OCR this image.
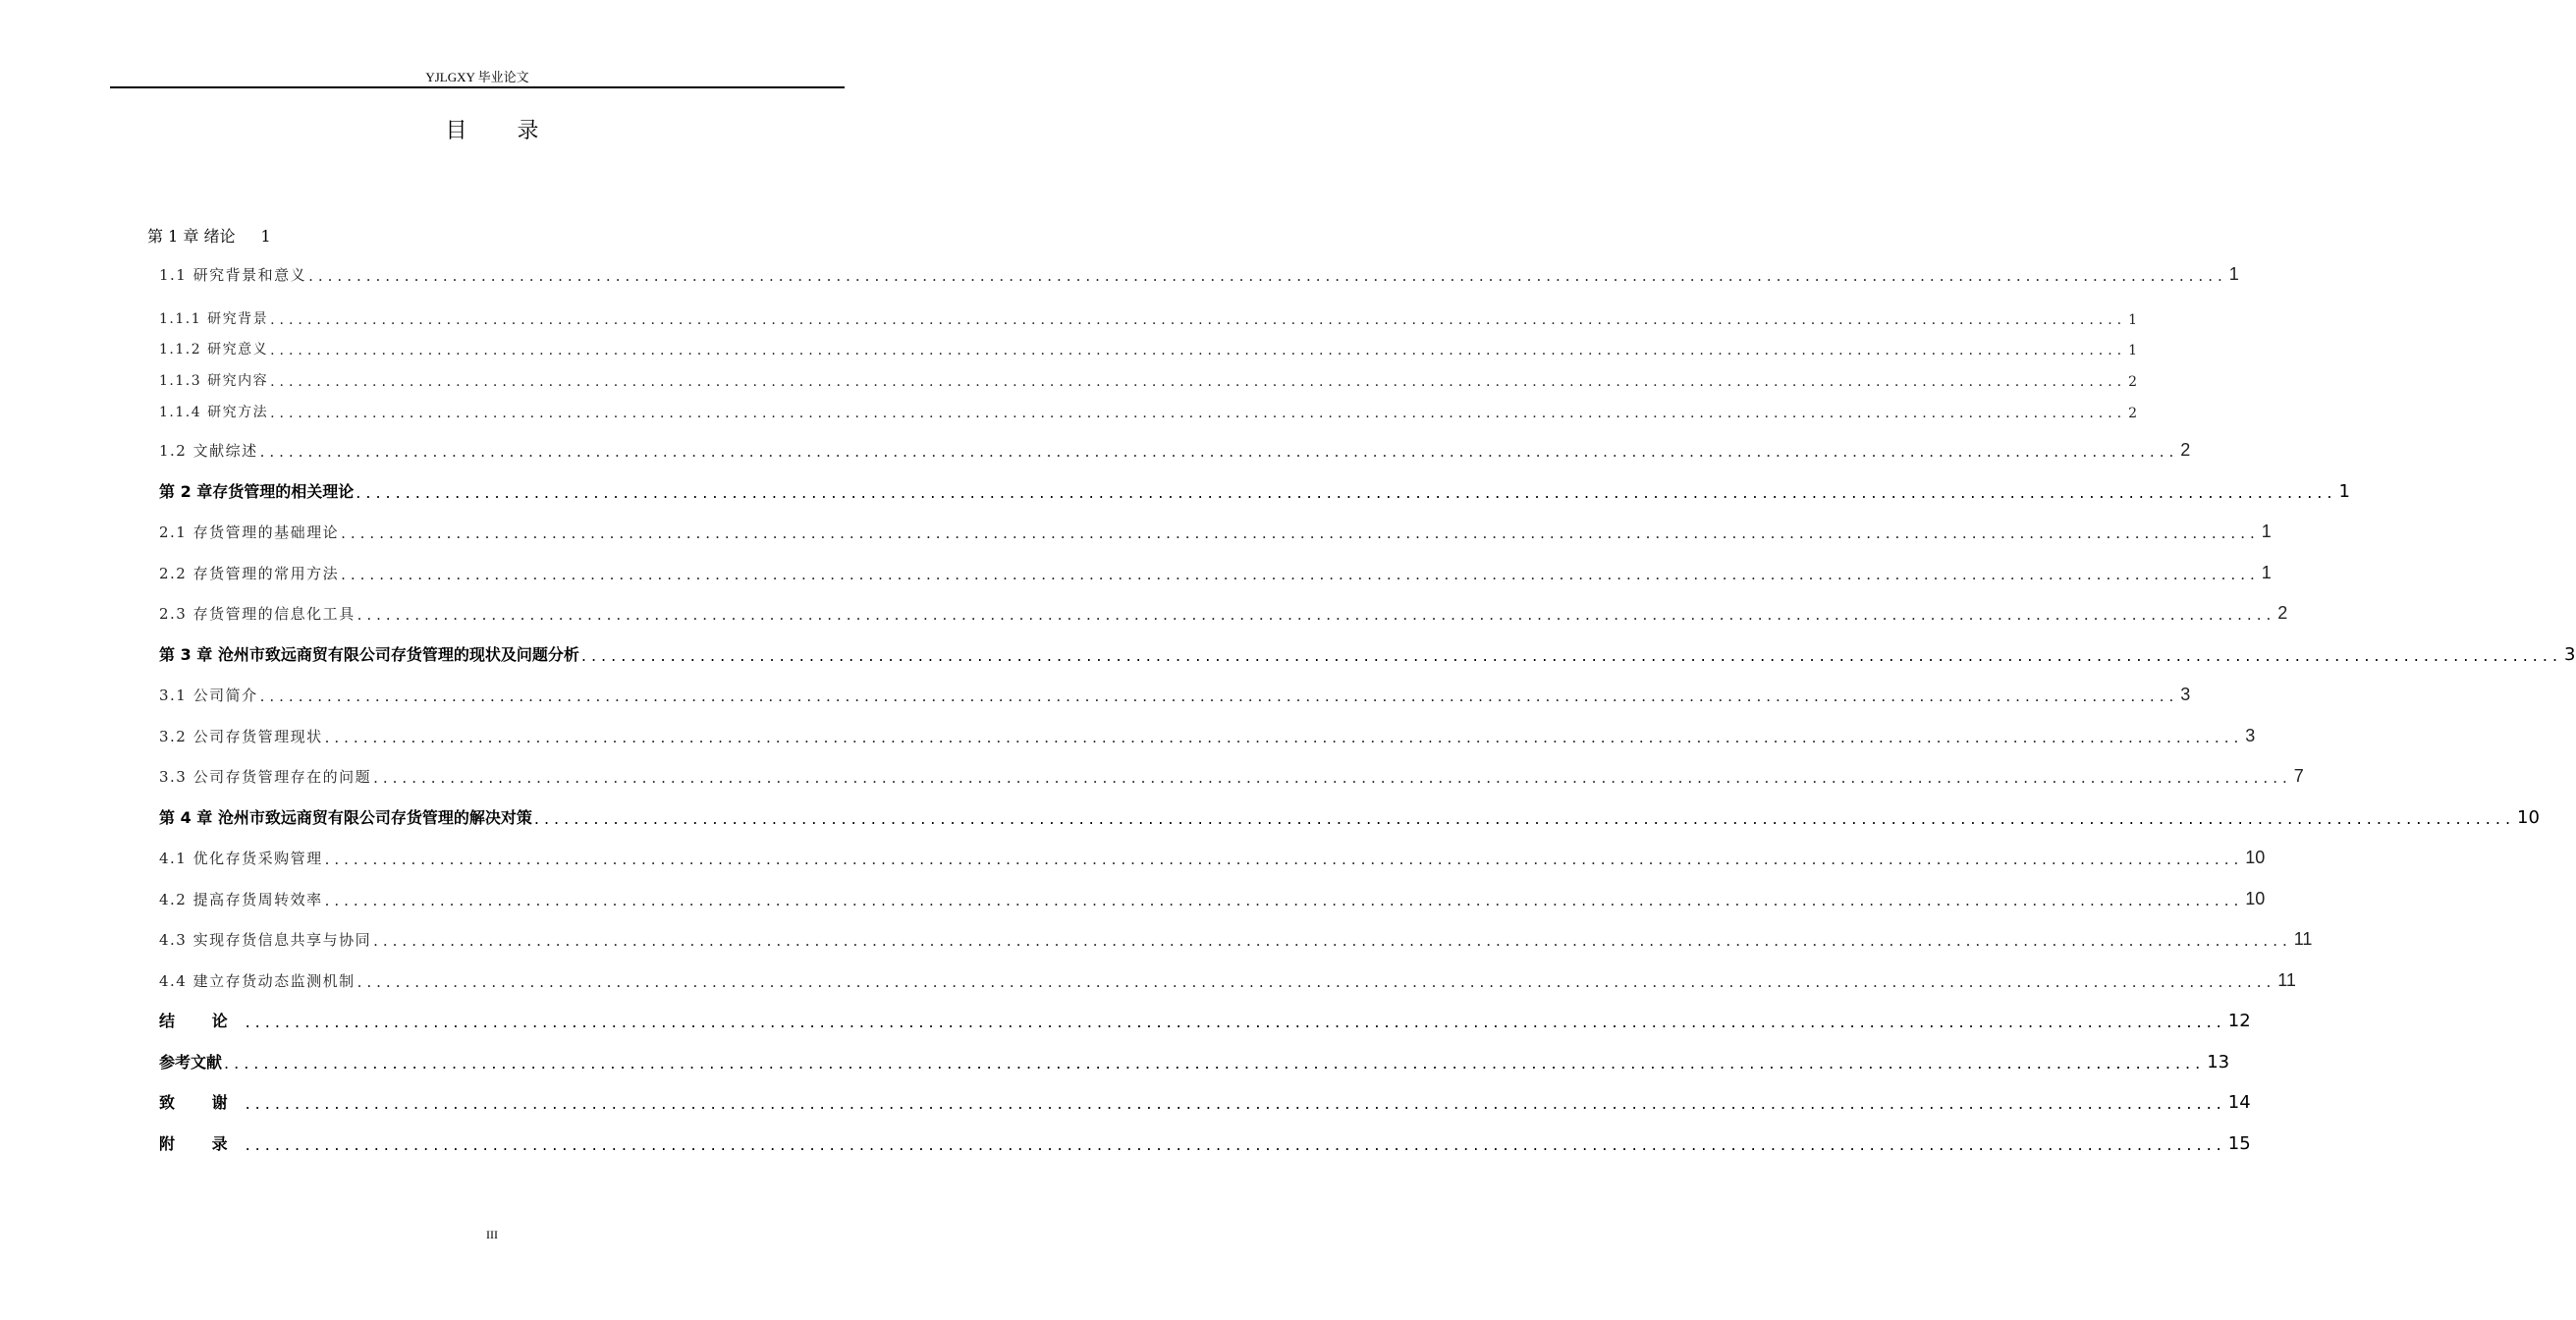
YJLGXY 毕业论文
目 录
第 1 章 绪论 1
1.1 研究背景和意义 ........................................................................................................................................................................................................ 1
1.1.1 研究背景 ........................................................................................................................................................................................................ 1
1.1.2 研究意义 ........................................................................................................................................................................................................ 1
1.1.3 研究内容 ........................................................................................................................................................................................................ 2
1.1.4 研究方法 ........................................................................................................................................................................................................ 2
1.2 文献综述 ........................................................................................................................................................................................................ 2
第 2 章存货管理的相关理论 ........................................................................................................................................................................................................ 1
2.1 存货管理的基础理论 ........................................................................................................................................................................................................ 1
2.2 存货管理的常用方法 ........................................................................................................................................................................................................ 1
2.3 存货管理的信息化工具 ........................................................................................................................................................................................................ 2
第 3 章 沧州市致远商贸有限公司存货管理的现状及问题分析 ........................................................................................................................................................................................................ 3
3.1 公司简介 ........................................................................................................................................................................................................ 3
3.2 公司存货管理现状 ........................................................................................................................................................................................................ 3
3.3 公司存货管理存在的问题 ........................................................................................................................................................................................................ 7
第 4 章 沧州市致远商贸有限公司存货管理的解决对策 ........................................................................................................................................................................................................ 10
4.1 优化存货采购管理 ........................................................................................................................................................................................................ 10
4.2 提高存货周转效率 ........................................................................................................................................................................................................ 10
4.3 实现存货信息共享与协同 ........................................................................................................................................................................................................ 11
4.4 建立存货动态监测机制 ........................................................................................................................................................................................................ 11
结 论 ........................................................................................................................................................................................................ 12
参考文献 ........................................................................................................................................................................................................ 13
致 谢 ........................................................................................................................................................................................................ 14
附 录 ........................................................................................................................................................................................................ 15
III
